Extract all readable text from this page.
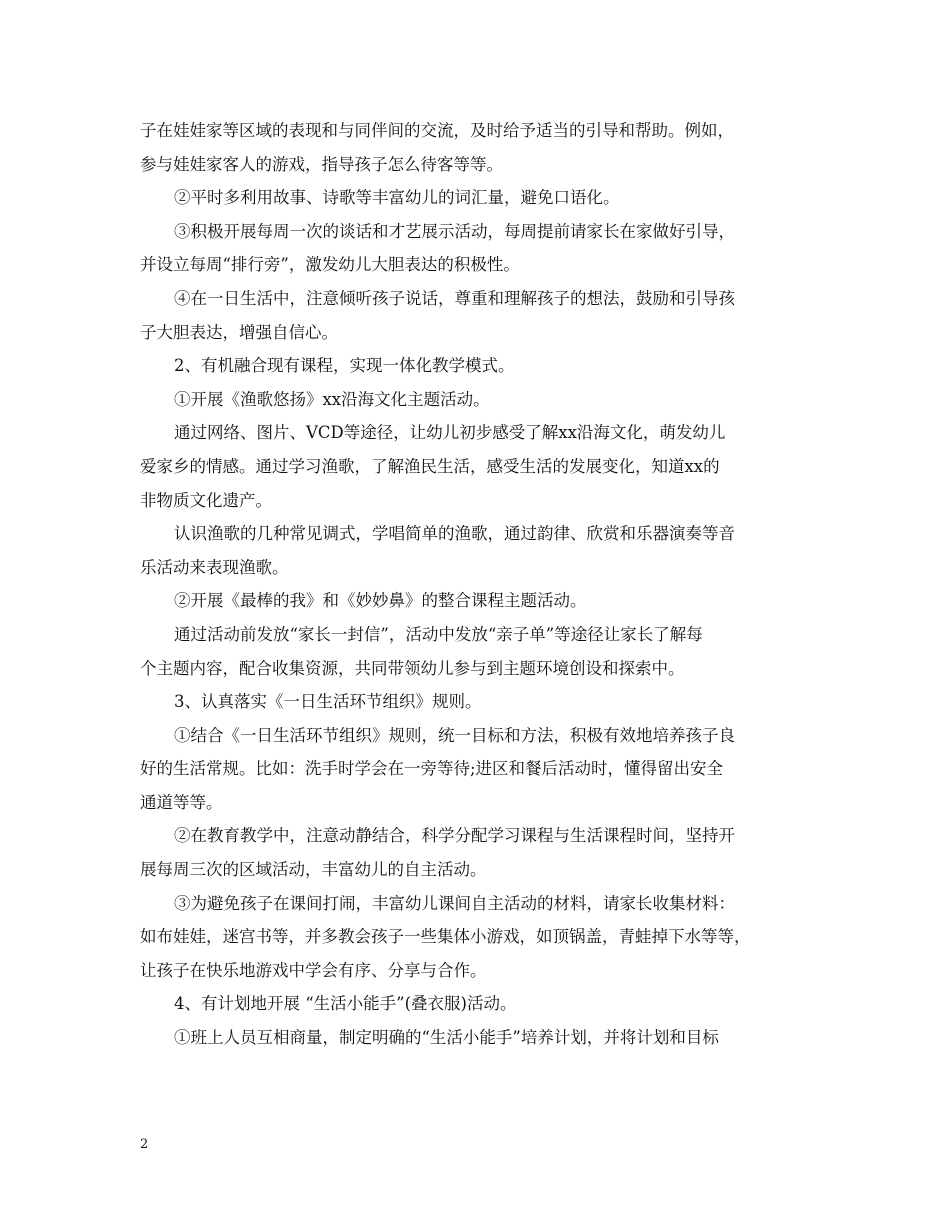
子在娃娃家等区域的表现和与同伴间的交流，及时给予适当的引导和帮助。例如，

参与娃娃家客人的游戏，指导孩子怎么待客等等。

②平时多利用故事、诗歌等丰富幼儿的词汇量，避免口语化。

③积极开展每周一次的谈话和才艺展示活动，每周提前请家长在家做好引导，

并设立每周“排行旁”，激发幼儿大胆表达的积极性。

④在一日生活中，注意倾听孩子说话，尊重和理解孩子的想法，鼓励和引导孩

子大胆表达，增强自信心。

2、有机融合现有课程，实现一体化教学模式。

①开展《渔歌悠扬》xx沿海文化主题活动。

通过网络、图片、VCD等途径，让幼儿初步感受了解xx沿海文化，萌发幼儿

爱家乡的情感。通过学习渔歌，了解渔民生活，感受生活的发展变化，知道xx的

非物质文化遗产。

认识渔歌的几种常见调式，学唱简单的渔歌，通过韵律、欣赏和乐器演奏等音

乐活动来表现渔歌。

②开展《最棒的我》和《妙妙鼻》的整合课程主题活动。

通过活动前发放“家长一封信”，活动中发放“亲子单”等途径让家长了解每

个主题内容，配合收集资源，共同带领幼儿参与到主题环境创设和探索中。

3、认真落实《一日生活环节组织》规则。

①结合《一日生活环节组织》规则，统一目标和方法，积极有效地培养孩子良

好的生活常规。比如：洗手时学会在一旁等待;进区和餐后活动时，懂得留出安全

通道等等。

②在教育教学中，注意动静结合，科学分配学习课程与生活课程时间，坚持开

展每周三次的区域活动，丰富幼儿的自主活动。

③为避免孩子在课间打闹，丰富幼儿课间自主活动的材料，请家长收集材料：

如布娃娃，迷宫书等，并多教会孩子一些集体小游戏，如顶锅盖，青蛙掉下水等等，

让孩子在快乐地游戏中学会有序、分享与合作。

4、有计划地开展 “生活小能手”(叠衣服)活动。

①班上人员互相商量，制定明确的“生活小能手”培养计划，并将计划和目标

2
